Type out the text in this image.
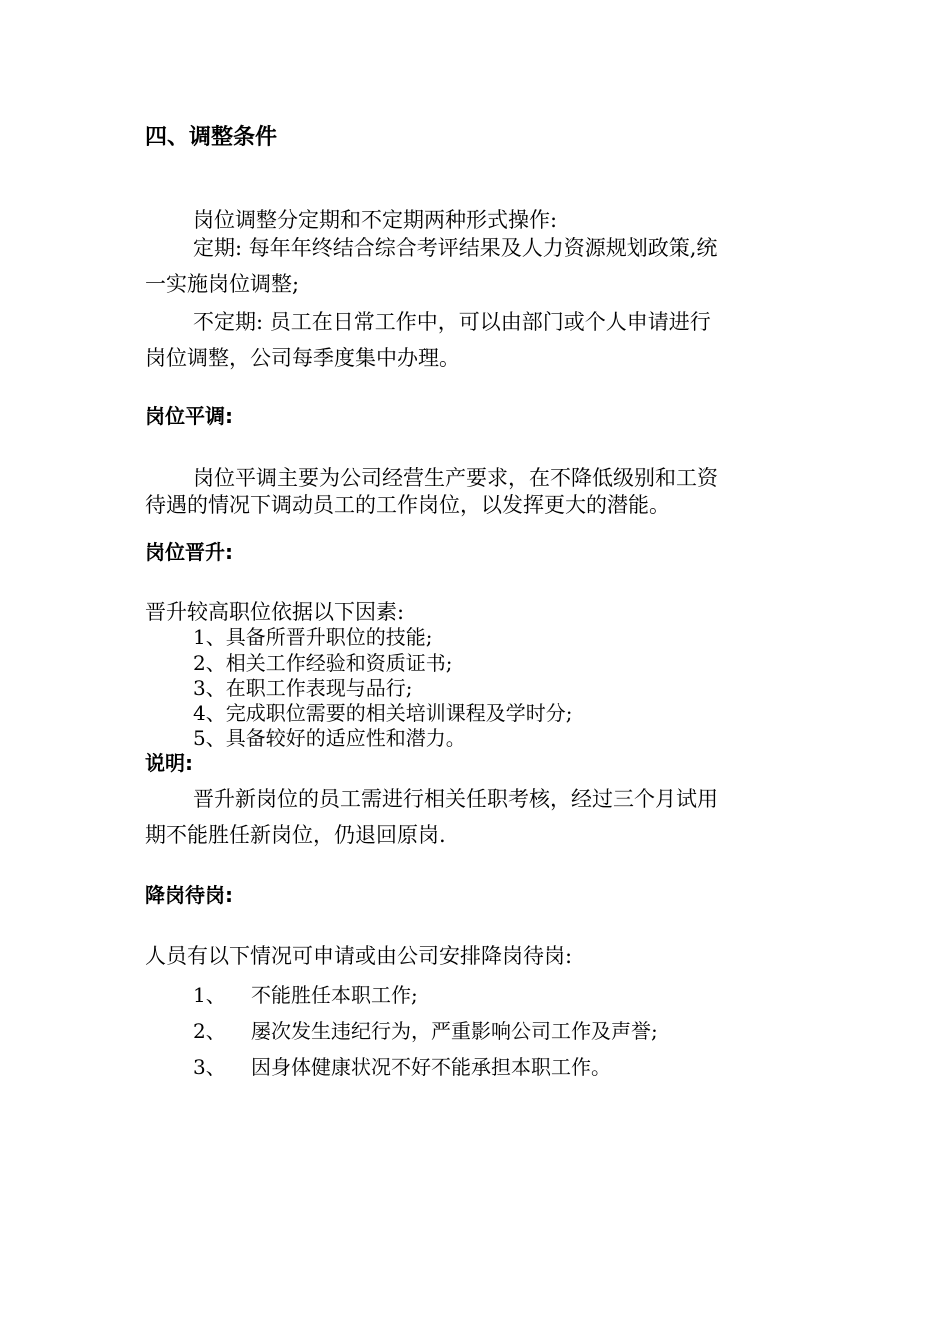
四、调整条件

岗位调整分定期和不定期两种形式操作:

定期: 每年年终结合综合考评结果及人力资源规划政策,统

一实施岗位调整;

不定期: 员工在日常工作中，可以由部门或个人申请进行

岗位调整，公司每季度集中办理。

岗位平调:

岗位平调主要为公司经营生产要求，在不降低级别和工资

待遇的情况下调动员工的工作岗位，以发挥更大的潜能。

岗位晋升:

晋升较高职位依据以下因素:

1、具备所晋升职位的技能;

2、相关工作经验和资质证书;

3、在职工作表现与品行;

4、完成职位需要的相关培训课程及学时分;

5、具备较好的适应性和潜力。

说明:

晋升新岗位的员工需进行相关任职考核，经过三个月试用

期不能胜任新岗位，仍退回原岗.

降岗待岗:

人员有以下情况可申请或由公司安排降岗待岗:

1、 不能胜任本职工作;

2、 屡次发生违纪行为，严重影响公司工作及声誉;

3、 因身体健康状况不好不能承担本职工作。
